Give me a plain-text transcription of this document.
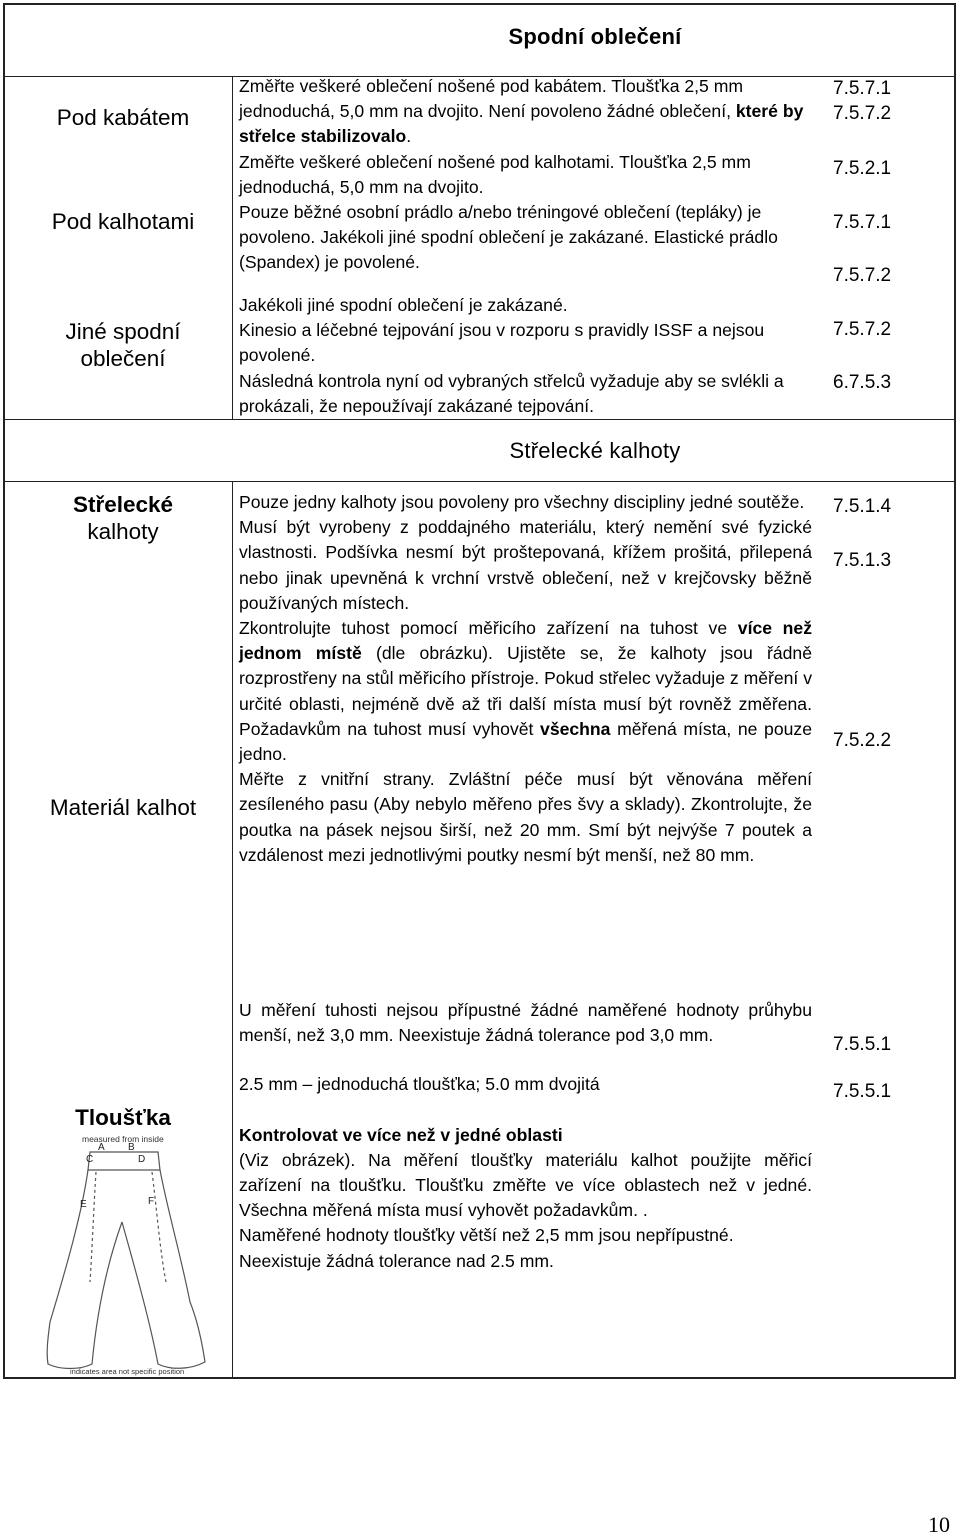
Spodní oblečení
Pod kabátem
Pod kalhotami
Jiné spodní
oblečení

Změřte veškeré oblečení nošené pod kabátem. Tloušťka 2,5 mm jednoduchá, 5,0 mm na dvojito. Není povoleno žádné oblečení, které by střelce stabilizovalo.

Změřte veškeré oblečení nošené pod kalhotami. Tloušťka 2,5 mm jednoduchá, 5,0 mm na dvojito.

Pouze běžné osobní prádlo a/nebo tréningové oblečení (tepláky) je povoleno. Jakékoli jiné spodní oblečení je zakázané. Elastické prádlo (Spandex) je povolené.

Jakékoli jiné spodní oblečení je zakázané.

Kinesio a léčebné tejpování jsou v rozporu s pravidly ISSF a nejsou povolené.

Následná kontrola nyní od vybraných střelců vyžaduje aby se svlékli a prokázali, že nepoužívají zakázané tejpování.

7.5.7.1
7.5.7.2
7.5.2.1
7.5.7.1
7.5.7.2
7.5.7.2
6.7.5.3
Střelecké kalhoty
Střelecké
kalhoty
Materiál kalhot
Tloušťka

Pouze jedny kalhoty jsou povoleny pro všechny discipliny jedné soutěže.

Musí být vyrobeny z poddajného materiálu, který nemění své fyzické vlastnosti. Podšívka nesmí být proštepovaná, křížem prošitá, přilepená nebo jinak upevněná k vrchní vrstvě oblečení, než v krejčovsky běžně používaných místech.

Zkontrolujte tuhost pomocí měřicího zařízení na tuhost ve více než jednom místě (dle obrázku). Ujistěte se, že kalhoty jsou řádně rozprostřeny na stůl měřicího přístroje. Pokud střelec vyžaduje z měření v určité oblasti, nejméně dvě až tři další místa musí být rovněž změřena. Požadavkům na tuhost musí vyhovět všechna měřená místa, ne pouze jedno.

Měřte z vnitřní strany. Zvláštní péče musí být věnována měření zesíleného pasu (Aby nebylo měřeno přes švy a sklady). Zkontrolujte, že poutka na pásek nejsou širší, než 20 mm. Smí být nejvýše 7 poutek a vzdálenost mezi jednotlivými poutky nesmí být menší, než 80 mm.

U měření tuhosti nejsou přípustné žádné naměřené hodnoty průhybu menší, než 3,0 mm. Neexistuje žádná tolerance pod 3,0 mm.

2.5 mm – jednoduchá tloušťka; 5.0 mm dvojitá

Kontrolovat ve více než v jedné oblasti
(Viz obrázek). Na měření tloušťky materiálu kalhot použijte měřicí zařízení na tloušťku. Tloušťku změřte ve více oblastech než v jedné. Všechna měřená místa musí vyhovět požadavkům. .

Naměřené hodnoty tloušťky větší než 2,5 mm jsou nepřípustné.

Neexistuje žádná tolerance nad 2.5 mm.

7.5.1.4
7.5.1.3
7.5.2.2
7.5.5.1
7.5.5.1
measured from inside
A B
C	D
E	F
indicates area not specific position
10
